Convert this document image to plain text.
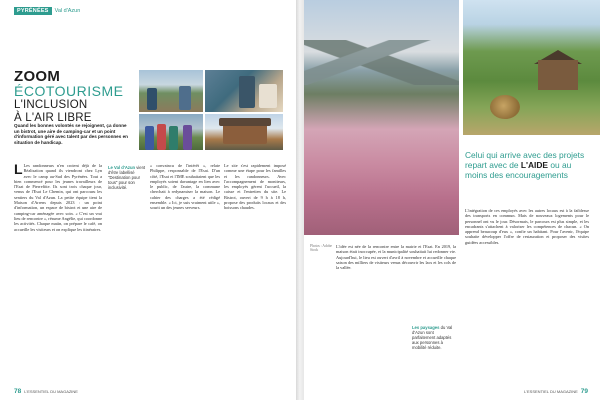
PYRÉNÉES	Val d'Azun
ZOOM
ÉCOTOURISME
L'INCLUSION
À L'AIR LIBRE
Quand les bonnes volontés se rejoignent, ça donne un bistrot, une aire de camping-car et un point d'information géré avec talent par des personnes en situation de handicap.
Le Val d'Azun vient d'être labellisé "Destination pour tous" pour son inclusivité.
L Les randonneurs n'en croient déjà de la Réalisation quand ils viendront chez Lyn avec le camp au-Sud des Pyrénées. Tout a bien commencé pour les jeunes travailleurs de l'Esat de Pierrefitte. Ils sont trois chaque jour, venus de l'Esat Le Chemin, qui ont parcouru les sentiers du Val d'Azun. La petite équipe tient la Maison d'Arrens depuis 2023 : un point d'information, un espace de bistrot et une aire de camping-car aménagée avec soin. « C'est un vrai lieu de rencontre », résume Angélie, qui coordonne les activités. Chaque matin, on prépare le café, on accueille les visiteurs et on explique les itinéraires.

« convaincu de l'intérêt », relate Philippe, responsable de l'Esat. D'un côté, l'Esat et l'IME souhaitaient que les employés soient davantage en lien avec le public, de l'autre, la commune cherchait à redynamiser la maison. Le cahier des charges a été rédigé ensemble. « Ici, je suis vraiment utile », sourit un des jeunes serveurs.

Le site s'est rapidement imposé comme une étape pour les familles et les randonneurs. Avec l'accompagnement de moniteurs, les employés gèrent l'accueil, la caisse et l'entretien du site. Le Bistrot, ouvert de 9 h à 18 h, propose des produits locaux et des boissons chaudes.

78 L'ESSENTIEL DU MAGAZINE
Celui qui arrive avec des projets repart avec de L'AIDE ou au moins des encouragements
Photos : Adobe Stock

L'idée est née de la rencontre entre la mairie et l'Esat. En 2019, la maison était inoccupée, et la municipalité souhaitait lui redonner vie. Aujourd'hui, le lieu est ouvert d'avril à novembre et accueille chaque saison des milliers de visiteurs venus découvrir les lacs et les cols de la vallée.

Les paysages du Val d'Azun sont parfaitement adaptés aux personnes à mobilité réduite.

L'intégration de ces employés avec les autres locaux est à la faiblesse des transports en commun. Mais de nouveaux logements pour le personnel ont vu le jour. Désormais, le parcours est plus simple, et les encadrants s'attachent à valoriser les compétences de chacun. « On apprend beaucoup d'eux », confie un habitant. Pour l'avenir, l'équipe souhaite développer l'offre de restauration et proposer des visites guidées accessibles.

L'ESSENTIEL DU MAGAZINE 79
